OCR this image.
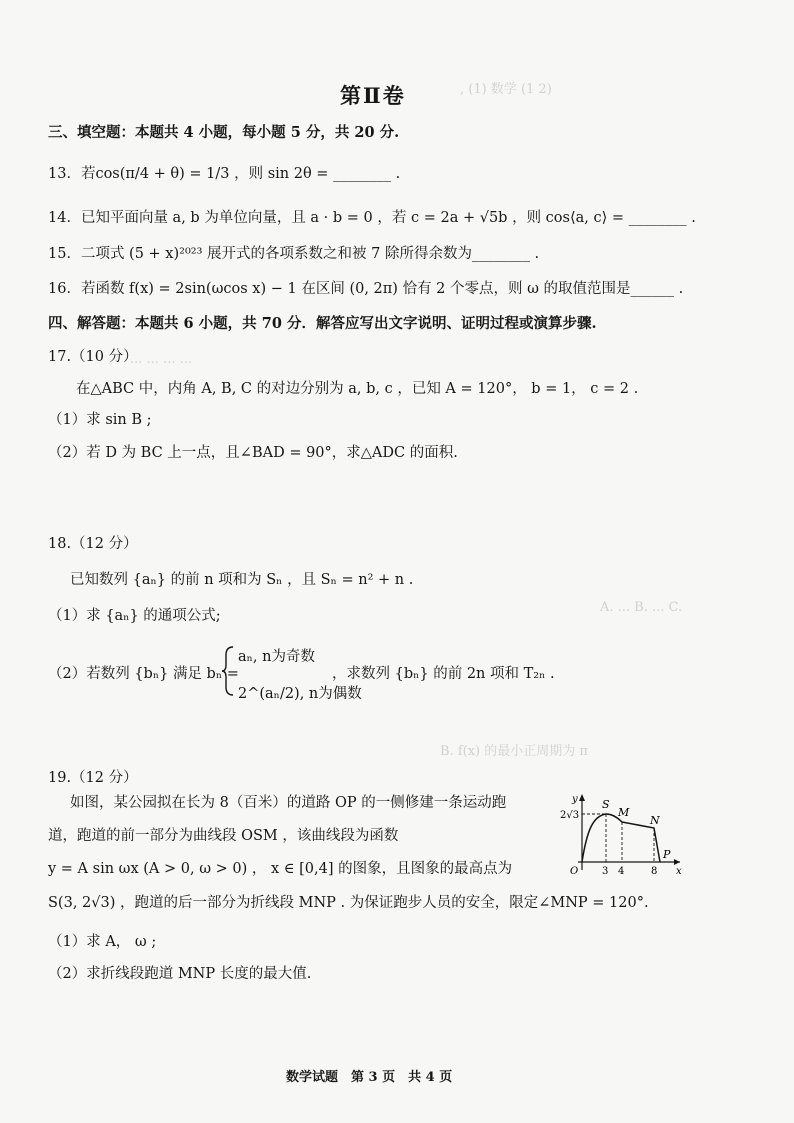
, (1) 数学 (1 2)
... ... ... ...
A. ... B. ... C.
B. f(x) 的最小正周期为 π
第Ⅱ卷
三、填空题：本题共 4 小题，每小题 5 分，共 20 分.
13．若cos(π/4 + θ) = 1/3 ，则 sin 2θ = ________ .
14．已知平面向量 a, b 为单位向量，且 a · b = 0 ，若 c = 2a + √5b ，则 cos⟨a, c⟩ = ________ .
15．二项式 (5 + x)²⁰²³ 展开式的各项系数之和被 7 除所得余数为________ .
16．若函数 f(x) = 2sin(ωcos x) − 1 在区间 (0, 2π) 恰有 2 个零点，则 ω 的取值范围是______ .
四、解答题：本题共 6 小题，共 70 分．解答应写出文字说明、证明过程或演算步骤.
17.（10 分）
在△ABC 中，内角 A, B, C 的对边分别为 a, b, c ，已知 A = 120°， b = 1， c = 2 .
（1）求 sin B ;
（2）若 D 为 BC 上一点，且∠BAD = 90°，求△ADC 的面积.
18.（12 分）
已知数列 {aₙ} 的前 n 项和为 Sₙ ，且 Sₙ = n² + n .
（1）求 {aₙ} 的通项公式;
（2）若数列 {bₙ} 满足 bₙ =
aₙ, n为奇数
2^(aₙ/2), n为偶数
，求数列 {bₙ} 的前 2n 项和 T₂ₙ .
19.（12 分）
如图，某公园拟在长为 8（百米）的道路 OP 的一侧修建一条运动跑
道，跑道的前一部分为曲线段 OSM ，该曲线段为函数
y = A sin ωx (A > 0, ω > 0) ， x ∈ [0,4] 的图象，且图象的最高点为
S(3, 2√3) ，跑道的后一部分为折线段 MNP . 为保证跑步人员的安全，限定∠MNP = 120°.
（1）求 A， ω ;
（2）求折线段跑道 MNP 长度的最大值.
y
x
2√3
O 3 4	8
S
M
N
P
数学试题　第 3 页　共 4 页
